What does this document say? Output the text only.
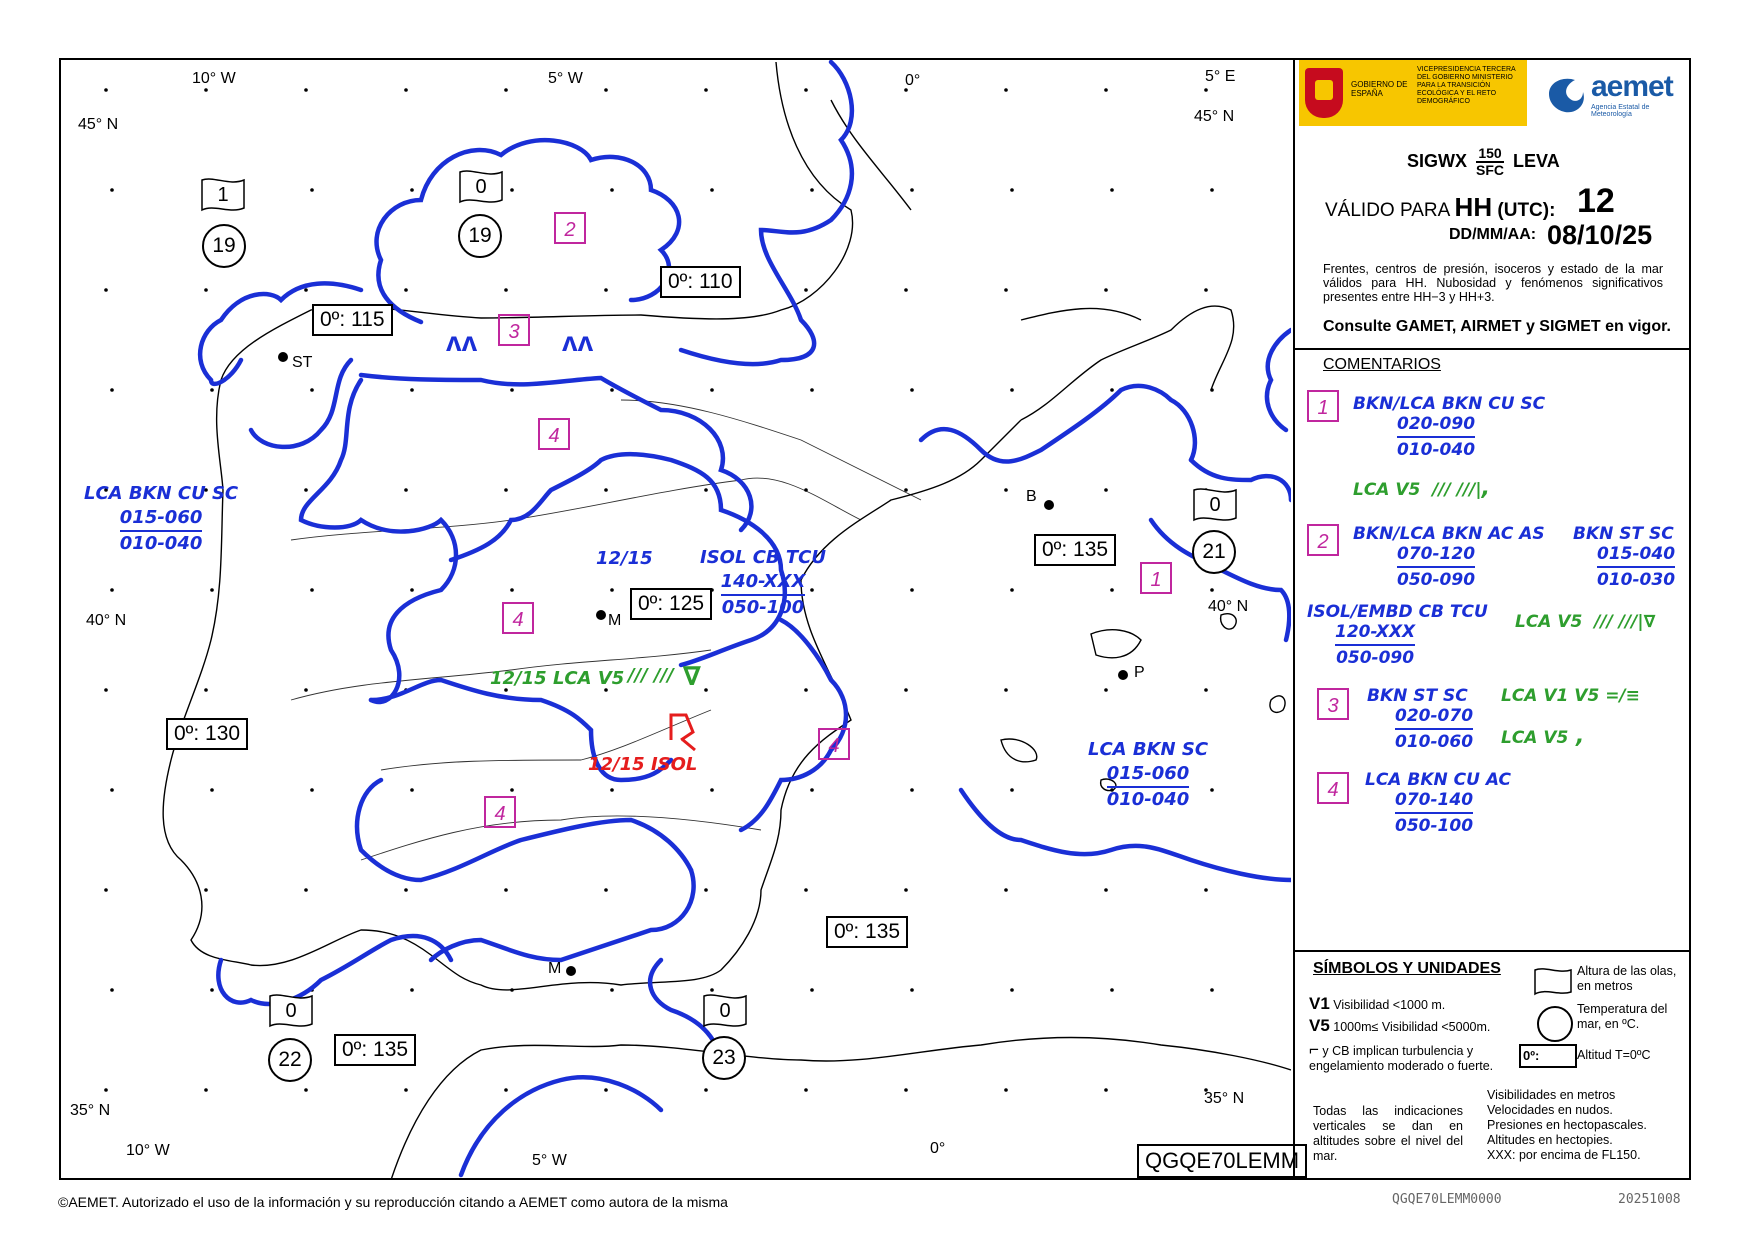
10° W	5° W	0°	5° E
45° N	45° N
40° N
40° N
35° N
35° N
10° W
5° W
0°
0º: 115
0º: 110
0º: 125
0º: 130
0º: 135
0º: 135
0º: 135
1	0
0
0	0
19	19
21
22	23
2
3
4
4
4
4
1
ST
B
M
P
M
LCA BKN CU SC
015-060
010-040
12/15	ISOL CB TCU
140-XXX
050-100
12/15 LCA V5 /// /// ∇
12/15 ISOL
LCA BKN SC
015-060
010-040
ʌʌ	ʌʌ
QGQE70LEMM
GOBIERNO DE ESPAÑA
VICEPRESIDENCIA TERCERA DEL GOBIERNO MINISTERIO PARA LA TRANSICIÓN ECOLÓGICA Y EL RETO DEMOGRÁFICO	aemet
Agencia Estatal de Meteorología
SIGWX $\frac{150}{\text{SFC}}$ LEVA
VÁLIDO PARA HH (UTC): 12
DD/MM/AA: 08/10/25
Frentes, centros de presión, isoceros y estado de la mar válidos para HH. Nubosidad y fenómenos significativos presentes entre HH−3 y HH+3.
Consulte GAMET, AIRMET y SIGMET en vigor.
COMENTARIOS
1	BKN/LCA BKN CU SC
$\frac{020-090}{010-040}$
LCA V5  /// ///|,
2	BKN/LCA BKN AC AS
$\frac{070-120}{050-090}$
BKN ST SC
$\frac{015-040}{010-030}$
ISOL/EMBD CB TCU
120-XXX
050-090
LCA V5  /// ///|∇
3	BKN ST SC
$\frac{020-070}{010-060}$
LCA V1 V5 =/≡
LCA V5 ,
4	LCA BKN CU AC
$\frac{070-140}{050-100}$
SÍMBOLOS Y UNIDADES
V1 Visibilidad <1000 m.
V5 1000m≤ Visibilidad <5000m.
⌐ y CB implican turbulencia y engelamiento moderado o fuerte.
Altura de las olas, en metros
Temperatura del mar, en ºC.
0º:	Altitud T=0ºC
Visibilidades en metros
Velocidades en nudos.
Presiones en hectopascales.
Altitudes en hectopies.
XXX: por encima de FL150.
Todas las indicaciones verticales se dan en altitudes sobre el nivel del mar.
©AEMET. Autorizado el uso de la información y su reproducción citando a AEMET como autora de la misma	QGQE70LEMM0000	20251008
